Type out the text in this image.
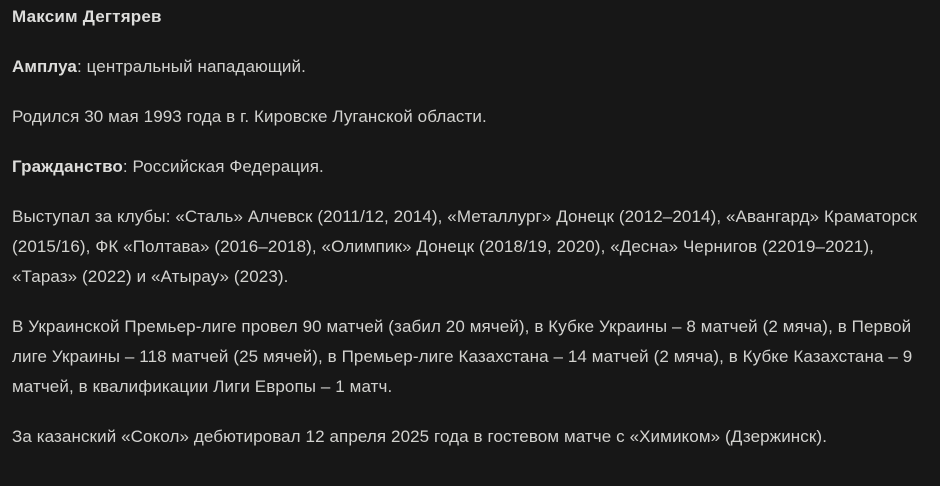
Максим Дегтярев

Амплуа: центральный нападающий.

Родился 30 мая 1993 года в г. Кировске Луганской области.

Гражданство: Российская Федерация.

Выступал за клубы: «Сталь» Алчевск (2011/12, 2014), «Металлург» Донецк (2012–2014), «Авангард» Краматорск (2015/16), ФК «Полтава» (2016–2018), «Олимпик» Донецк (2018/19, 2020), «Десна» Чернигов (22019–2021), «Тараз» (2022) и «Атырау» (2023).

В Украинской Премьер-лиге провел 90 матчей (забил 20 мячей), в Кубке Украины – 8 матчей (2 мяча), в Первой лиге Украины – 118 матчей (25 мячей), в Премьер-лиге Казахстана – 14 матчей (2 мяча), в Кубке Казахстана – 9 матчей, в квалификации Лиги Европы – 1 матч.

За казанский «Сокол» дебютировал 12 апреля 2025 года в гостевом матче с «Химиком» (Дзержинск).
